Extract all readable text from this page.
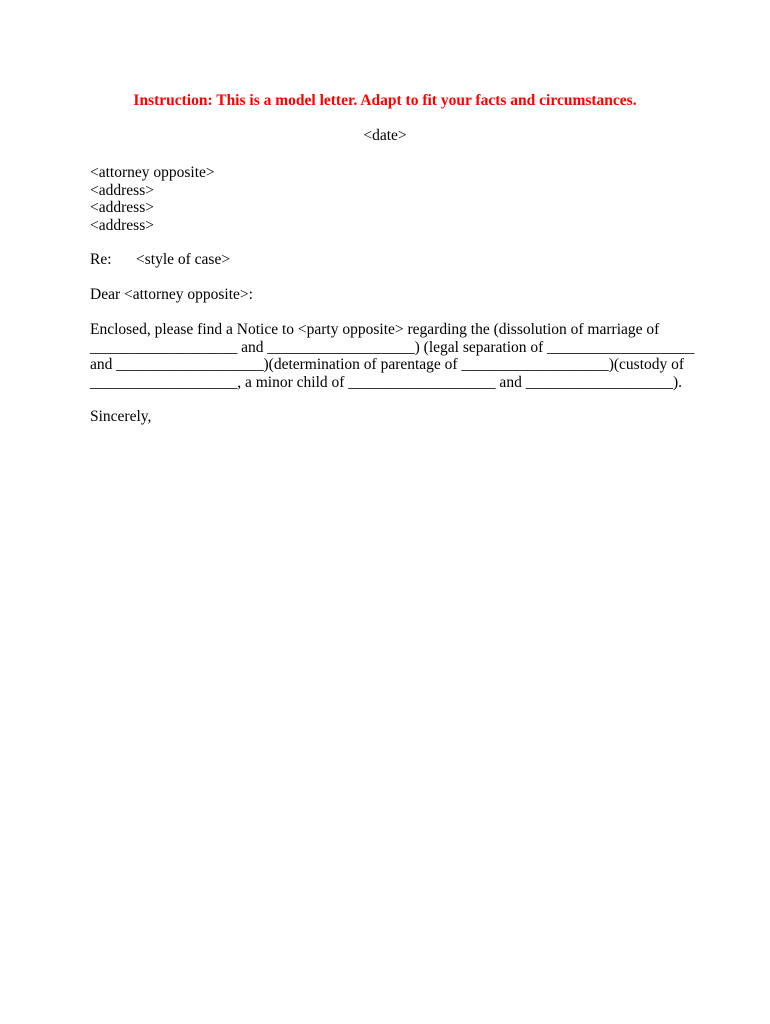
Instruction: This is a model letter. Adapt to fit your facts and circumstances.
<date>
<attorney opposite>
<address>
<address>
<address>
Re: <style of case>
Dear <attorney opposite>:
Enclosed, please find a Notice to <party opposite> regarding the (dissolution of marriage of
___________________ and ___________________) (legal separation of ___________________
and ___________________)(determination of parentage of ___________________)(custody of
___________________, a minor child of ___________________ and ___________________).
Sincerely,
